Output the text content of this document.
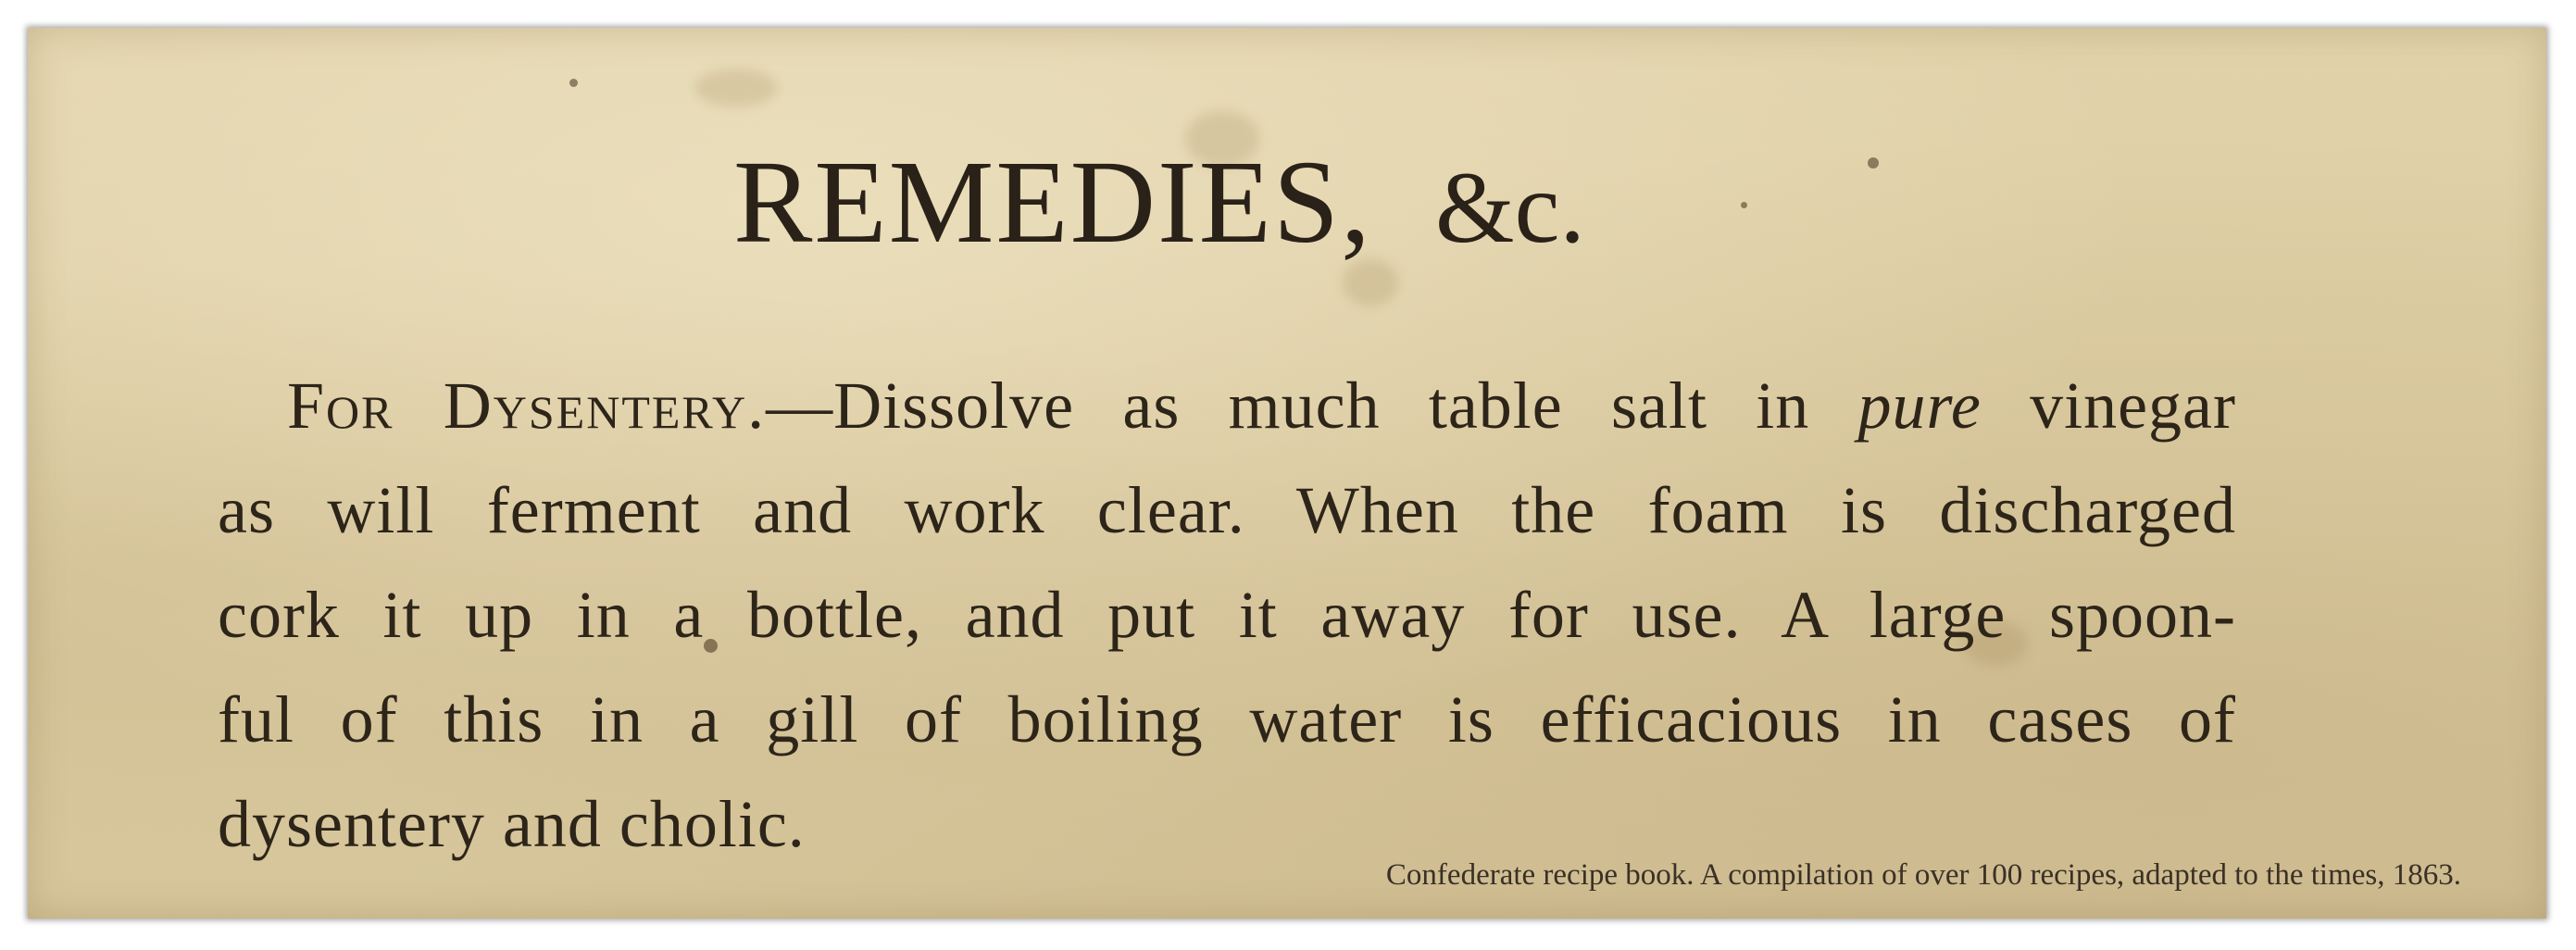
REMEDIES, &c.
For Dysentery.—Dissolve as much table salt in pure vinegar
as will ferment and work clear. When the foam is discharged
cork it up in a bottle, and put it away for use. A large spoon-
ful of this in a gill of boiling water is efficacious in cases of
dysentery and cholic.
Confederate recipe book. A compilation of over 100 recipes, adapted to the times, 1863.
